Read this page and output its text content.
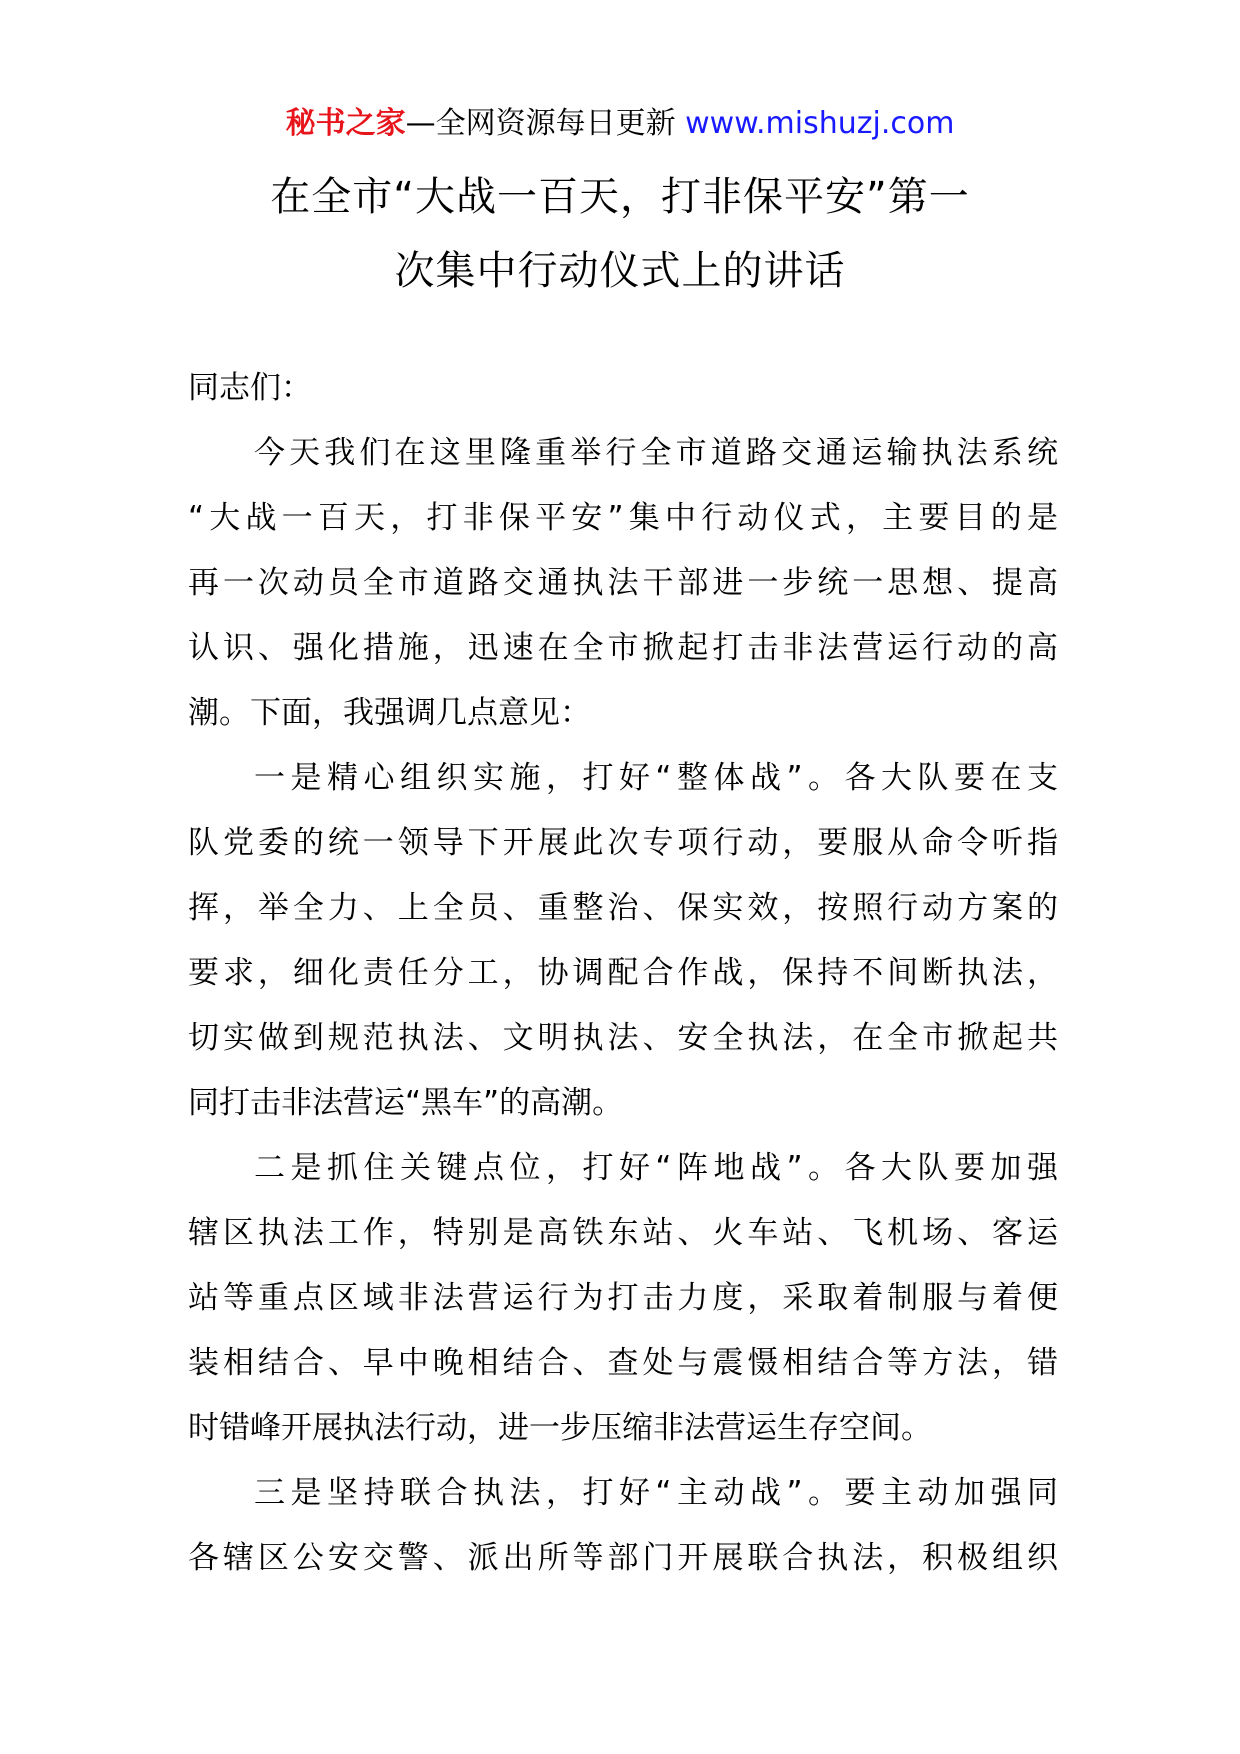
秘书之家—全网资源每日更新 www.mishuzj.com
在全市“大战一百天，打非保平安”第一
次集中行动仪式上的讲话
同志们：
今天我们在这里隆重举行全市道路交通运输执法系统
“大战一百天，打非保平安”集中行动仪式，主要目的是
再一次动员全市道路交通执法干部进一步统一思想、提高
认识、强化措施，迅速在全市掀起打击非法营运行动的高
潮。下面，我强调几点意见：
一是精心组织实施，打好“整体战”。各大队要在支
队党委的统一领导下开展此次专项行动，要服从命令听指
挥，举全力、上全员、重整治、保实效，按照行动方案的
要求，细化责任分工，协调配合作战，保持不间断执法，
切实做到规范执法、文明执法、安全执法，在全市掀起共
同打击非法营运“黑车”的高潮。
二是抓住关键点位，打好“阵地战”。各大队要加强
辖区执法工作，特别是高铁东站、火车站、飞机场、客运
站等重点区域非法营运行为打击力度，采取着制服与着便
装相结合、早中晚相结合、查处与震慑相结合等方法，错
时错峰开展执法行动，进一步压缩非法营运生存空间。
三是坚持联合执法，打好“主动战”。要主动加强同
各辖区公安交警、派出所等部门开展联合执法，积极组织
